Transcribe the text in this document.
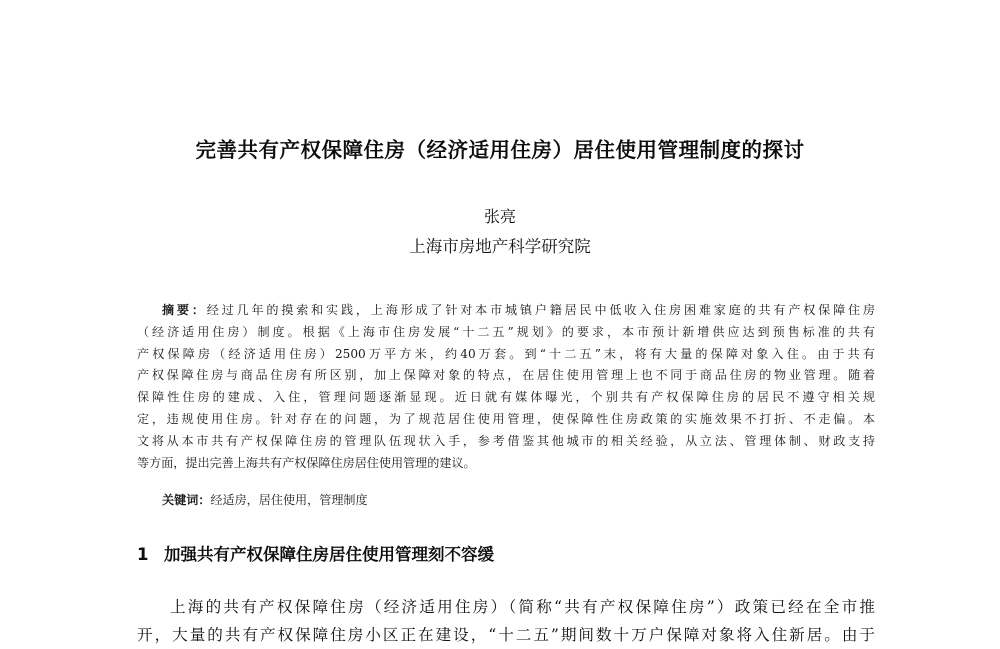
完善共有产权保障住房（经济适用住房）居住使用管理制度的探讨
张亮
上海市房地产科学研究院
摘要：经过几年的摸索和实践，上海形成了针对本市城镇户籍居民中低收入住房困难家庭的共有产权保障住房
（经济适用住房）制度。根据《上海市住房发展“十二五”规划》的要求，本市预计新增供应达到预售标准的共有
产权保障房（经济适用住房）2500万平方米，约40万套。到“十二五”末，将有大量的保障对象入住。由于共有
产权保障住房与商品住房有所区别，加上保障对象的特点，在居住使用管理上也不同于商品住房的物业管理。随着
保障性住房的建成、入住，管理问题逐渐显现。近日就有媒体曝光，个别共有产权保障住房的居民不遵守相关规
定，违规使用住房。针对存在的问题，为了规范居住使用管理，使保障性住房政策的实施效果不打折、不走偏。本
文将从本市共有产权保障住房的管理队伍现状入手，参考借鉴其他城市的相关经验，从立法、管理体制、财政支持
等方面，提出完善上海共有产权保障住房居住使用管理的建议。
关键词：经适房，居住使用，管理制度
1 加强共有产权保障住房居住使用管理刻不容缓
上海的共有产权保障住房（经济适用住房）（简称“共有产权保障住房”）政策已经在全市推
开，大量的共有产权保障住房小区正在建设，“十二五”期间数十万户保障对象将入住新居。由于
